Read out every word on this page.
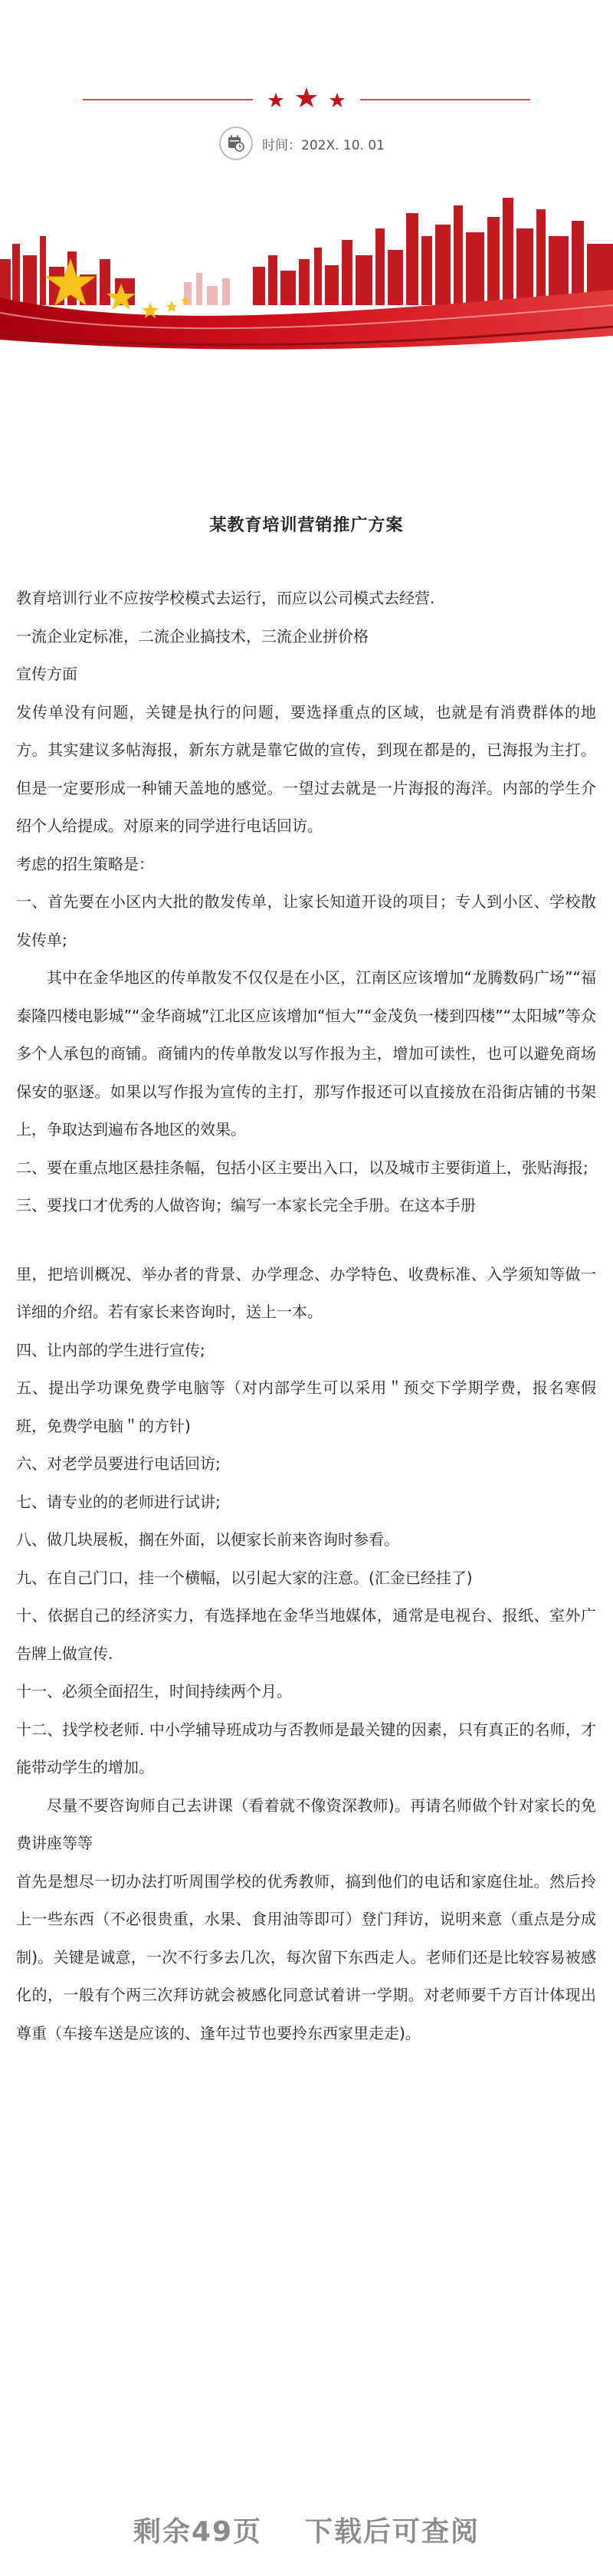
时间：202X. 10. 01
某教育培训营销推广方案

教育培训行业不应按学校模式去运行，而应以公司模式去经营.

一流企业定标准，二流企业搞技术，三流企业拼价格

宣传方面

发传单没有问题，关键是执行的问题，要选择重点的区域，也就是有消费群体的地方。其实建议多帖海报，新东方就是靠它做的宣传，到现在都是的，已海报为主打。但是一定要形成一种铺天盖地的感觉。一望过去就是一片海报的海洋。内部的学生介绍个人给提成。对原来的同学进行电话回访。

考虑的招生策略是：

一、首先要在小区内大批的散发传单，让家长知道开设的项目；专人到小区、学校散发传单;

其中在金华地区的传单散发不仅仅是在小区，江南区应该增加“龙腾数码广场”“福泰隆四楼电影城”“金华商城”江北区应该增加“恒大”“金茂负一楼到四楼”“太阳城”等众多个人承包的商铺。商铺内的传单散发以写作报为主，增加可读性，也可以避免商场保安的驱逐。如果以写作报为宣传的主打，那写作报还可以直接放在沿街店铺的书架上，争取达到遍布各地区的效果。

二、要在重点地区悬挂条幅，包括小区主要出入口，以及城市主要街道上，张贴海报;

三、要找口才优秀的人做咨询；编写一本家长完全手册。在这本手册

里，把培训概况、举办者的背景、办学理念、办学特色、收费标准、入学须知等做一详细的介绍。若有家长来咨询时，送上一本。

四、让内部的学生进行宣传;

五、提出学功课免费学电脑等（对内部学生可以采用＂预交下学期学费，报名寒假班，免费学电脑＂的方针)

六、对老学员要进行电话回访;

七、请专业的的老师进行试讲;

八、做几块展板，搁在外面，以便家长前来咨询时参看。

九、在自己门口，挂一个横幅，以引起大家的注意。(汇金已经挂了)

十、依据自己的经济实力，有选择地在金华当地媒体，通常是电视台、报纸、室外广告牌上做宣传.

十一、必须全面招生，时间持续两个月。

十二、找学校老师. 中小学辅导班成功与否教师是最关键的因素，只有真正的名师，才能带动学生的增加。

尽量不要咨询师自己去讲课（看着就不像资深教师)。再请名师做个针对家长的免费讲座等等

首先是想尽一切办法打听周围学校的优秀教师，搞到他们的电话和家庭住址。然后拎上一些东西（不必很贵重，水果、食用油等即可）登门拜访，说明来意（重点是分成制)。关键是诚意，一次不行多去几次，每次留下东西走人。老师们还是比较容易被感化的，一般有个两三次拜访就会被感化同意试着讲一学期。对老师要千方百计体现出尊重（车接车送是应该的、逢年过节也要拎东西家里走走)。

剩余49页 下载后可查阅
